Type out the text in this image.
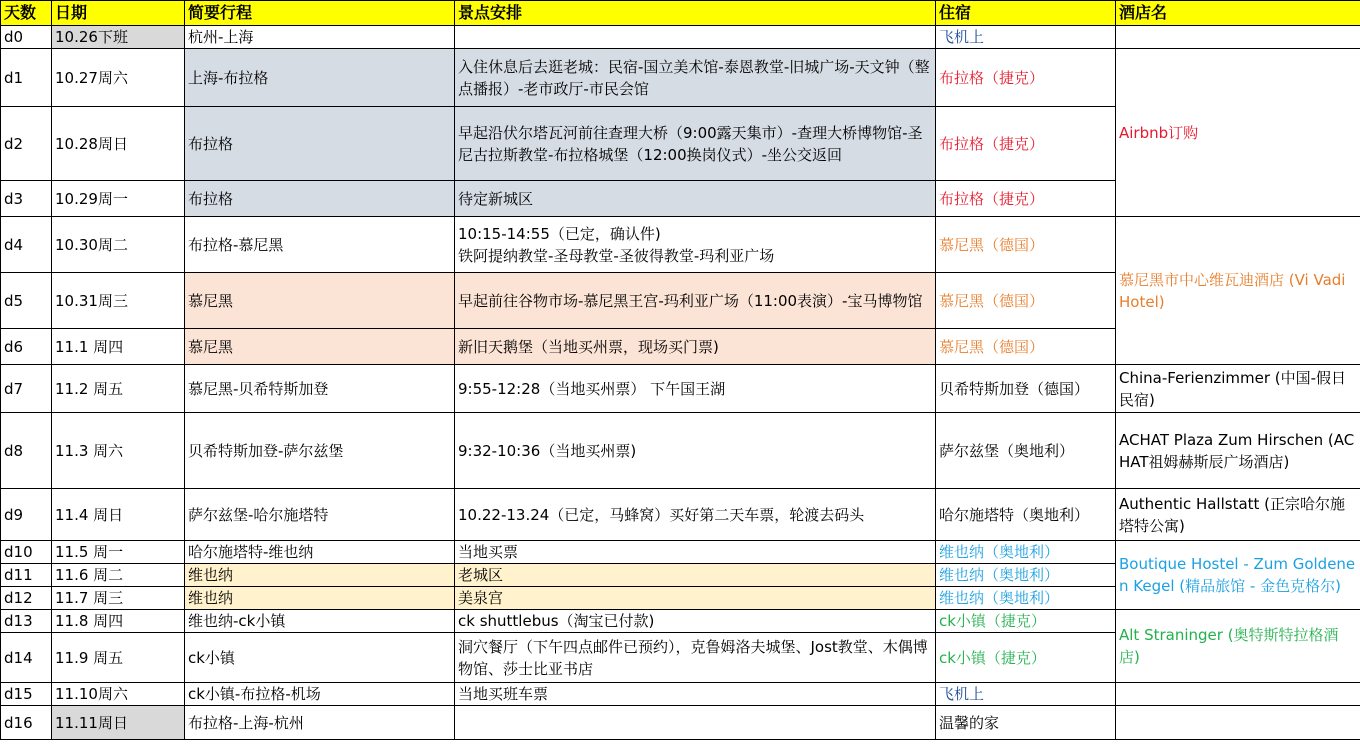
天数	日期	简要行程	景点安排	住宿	酒店名
d0	10.26下班	杭州-上海		飞机上	
d1	10.27周六	上海-布拉格	入住休息后去逛老城：民宿-国立美术馆-泰恩教堂-旧城广场-天文钟（整点播报）-老市政厅-市民会馆	布拉格（捷克）	Airbnb订购
d2	10.28周日	布拉格	早起沿伏尔塔瓦河前往查理大桥（9:00露天集市）-查理大桥博物馆-圣尼古拉斯教堂-布拉格城堡（12:00换岗仪式）-坐公交返回	布拉格（捷克）	
d3	10.29周一	布拉格	待定新城区	布拉格（捷克）	
d4	10.30周二	布拉格-慕尼黑	10:15-14:55（已定，确认件)
铁阿提纳教堂-圣母教堂-圣彼得教堂-玛利亚广场	慕尼黑（德国）	慕尼黑市中心维瓦迪酒店 (Vi Vadi Hotel)
d5	10.31周三	慕尼黑	早起前往谷物市场-慕尼黑王宫-玛利亚广场（11:00表演）-宝马博物馆	慕尼黑（德国）	
d6	11.1 周四	慕尼黑	新旧天鹅堡（当地买州票，现场买门票)	慕尼黑（德国）	
d7	11.2 周五	慕尼黑-贝希特斯加登	9:55-12:28（当地买州票） 下午国王湖	贝希特斯加登（德国）	China-Ferienzimmer (中国-假日民宿)
d8	11.3 周六	贝希特斯加登-萨尔兹堡	9:32-10:36（当地买州票)	萨尔兹堡（奥地利）	ACHAT Plaza Zum Hirschen (ACHAT祖姆赫斯辰广场酒店)
d9	11.4 周日	萨尔兹堡-哈尔施塔特	10.22-13.24（已定，马蜂窝）买好第二天车票，轮渡去码头	哈尔施塔特（奥地利）	Authentic Hallstatt (正宗哈尔施塔特公寓)
d10	11.5 周一	哈尔施塔特-维也纳	当地买票	维也纳（奥地利）	Boutique Hostel - Zum Goldenen Kegel (精品旅馆 - 金色克格尔)
d11	11.6 周二	维也纳	老城区	维也纳（奥地利）	
d12	11.7 周三	维也纳	美泉宫	维也纳（奥地利）	
d13	11.8 周四	维也纳-ck小镇	ck shuttlebus（淘宝已付款)	ck小镇（捷克）	Alt Straninger (奥特斯特拉格酒店)
d14	11.9 周五	ck小镇	洞穴餐厅（下午四点邮件已预约），克鲁姆洛夫城堡、Jost教堂、木偶博物馆、莎士比亚书店	ck小镇（捷克）	
d15	11.10周六	ck小镇-布拉格-机场	当地买班车票	飞机上	
d16	11.11周日	布拉格-上海-杭州		温馨的家	
